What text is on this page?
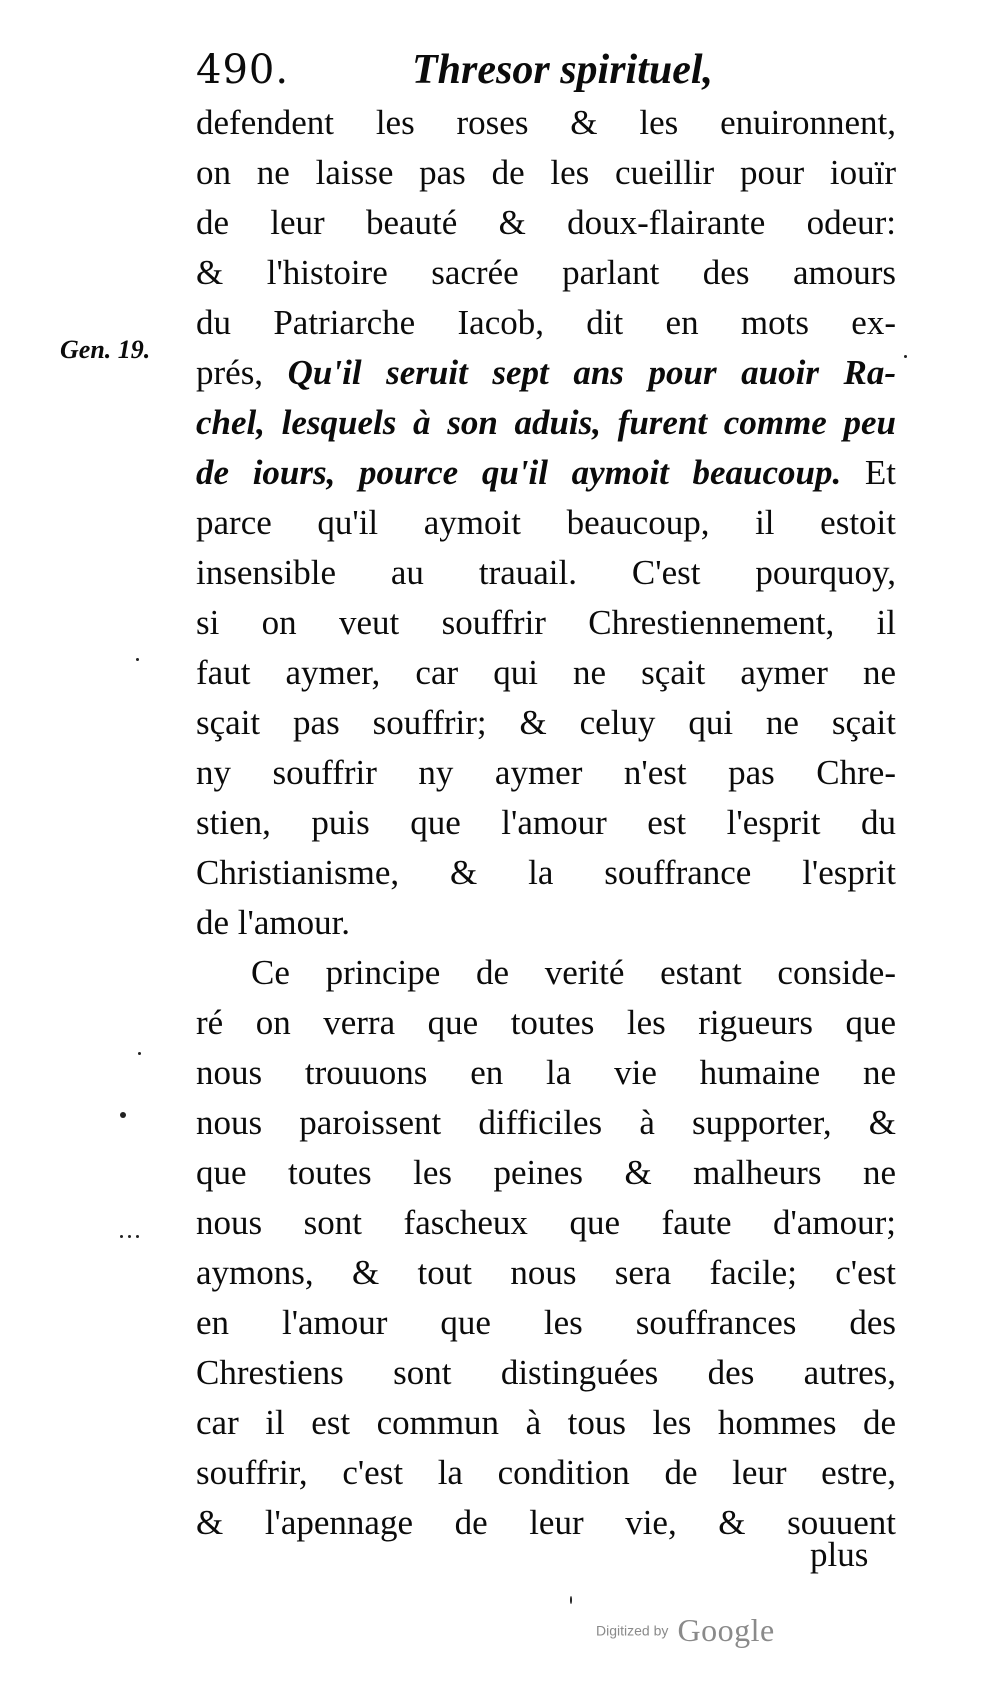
490.	Thresor spirituel,
Gen. 19.
defendent les roses & les enuironnent,
on ne laisse pas de les cueillir pour iouïr
de leur beauté & doux-flairante odeur:
& l'histoire sacrée parlant des amours
du Patriarche Iacob, dit en mots ex-
prés, Qu'il seruit sept ans pour auoir Ra-
chel, lesquels à son aduis, furent comme peu
de iours, pource qu'il aymoit beaucoup. Et
parce qu'il aymoit beaucoup, il estoit
insensible au trauail. C'est pourquoy,
si on veut souffrir Chrestiennement, il
faut aymer, car qui ne sçait aymer ne
sçait pas souffrir; & celuy qui ne sçait
ny souffrir ny aymer n'est pas Chre-
stien, puis que l'amour est l'esprit du
Christianisme, & la souffrance l'esprit
de l'amour.
Ce principe de verité estant conside-
ré on verra que toutes les rigueurs que
nous trouuons en la vie humaine ne
nous paroissent difficiles à supporter, &
que toutes les peines & malheurs ne
nous sont fascheux que faute d'amour;
aymons, & tout nous sera facile; c'est
en l'amour que les souffrances des
Chrestiens sont distinguées des autres,
car il est commun à tous les hommes de
souffrir, c'est la condition de leur estre,
& l'apennage de leur vie, & souuent
plus
Digitized by Google
